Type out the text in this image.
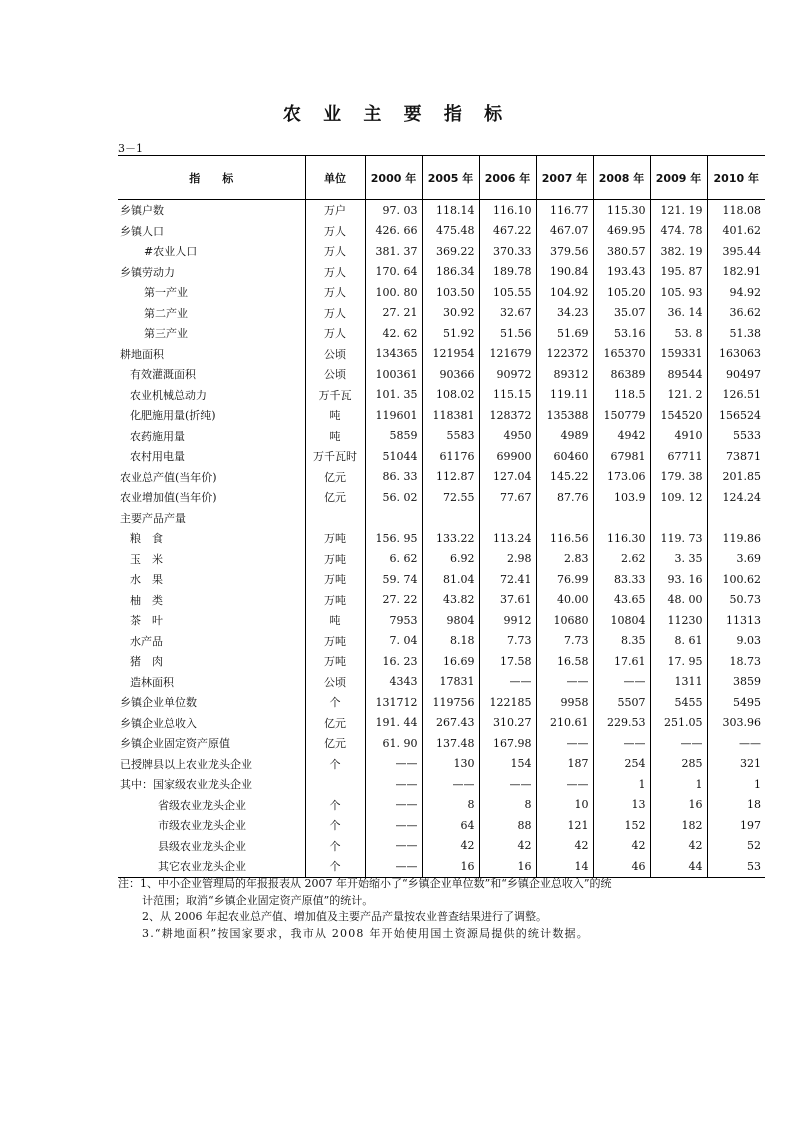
农 业 主 要 指 标
3－1
指　　标	单位	2000 年	2005 年	2006 年	2007 年	2008 年	2009 年	2010 年
乡镇户数	万户	97. 03	118.14	116.10	116.77	115.30	121. 19	118.08
乡镇人口	万人	426. 66	475.48	467.22	467.07	469.95	474. 78	401.62
#农业人口	万人	381. 37	369.22	370.33	379.56	380.57	382. 19	395.44
乡镇劳动力	万人	170. 64	186.34	189.78	190.84	193.43	195. 87	182.91
第一产业	万人	100. 80	103.50	105.55	104.92	105.20	105. 93	94.92
第二产业	万人	27. 21	30.92	32.67	34.23	35.07	36. 14	36.62
第三产业	万人	42. 62	51.92	51.56	51.69	53.16	53. 8	51.38
耕地面积	公顷	134365	121954	121679	122372	165370	159331	163063
有效灌溉面积	公顷	100361	90366	90972	89312	86389	89544	90497
农业机械总动力	万千瓦	101. 35	108.02	115.15	119.11	118.5	121. 2	126.51
化肥施用量(折纯)	吨	119601	118381	128372	135388	150779	154520	156524
农药施用量	吨	5859	5583	4950	4989	4942	4910	5533
农村用电量	万千瓦时	51044	61176	69900	60460	67981	67711	73871
农业总产值(当年价)	亿元	86. 33	112.87	127.04	145.22	173.06	179. 38	201.85
农业增加值(当年价)	亿元	56. 02	72.55	77.67	87.76	103.9	109. 12	124.24
主要产品产量								
粮　食	万吨	156. 95	133.22	113.24	116.56	116.30	119. 73	119.86
玉　米	万吨	6. 62	6.92	2.98	2.83	2.62	3. 35	3.69
水　果	万吨	59. 74	81.04	72.41	76.99	83.33	93. 16	100.62
柚　类	万吨	27. 22	43.82	37.61	40.00	43.65	48. 00	50.73
茶　叶	吨	7953	9804	9912	10680	10804	11230	11313
水产品	万吨	7. 04	8.18	7.73	7.73	8.35	8. 61	9.03
猪　肉	万吨	16. 23	16.69	17.58	16.58	17.61	17. 95	18.73
造林面积	公顷	4343	17831	——	——	——	1311	3859
乡镇企业单位数	个	131712	119756	122185	9958	5507	5455	5495
乡镇企业总收入	亿元	191. 44	267.43	310.27	210.61	229.53	251.05	303.96
乡镇企业固定资产原值	亿元	61. 90	137.48	167.98	——	——	——	——
已授牌县以上农业龙头企业	个	——	130	154	187	254	285	321
其中：国家级农业龙头企业		——	——	——	——	1	1	1
省级农业龙头企业	个	——	8	8	10	13	16	18
市级农业龙头企业	个	——	64	88	121	152	182	197
县级农业龙头企业	个	——	42	42	42	42	42	52
其它农业龙头企业	个	——	16	16	14	46	44	53
注：1、中小企业管理局的年报报表从 2007 年开始缩小了“乡镇企业单位数”和“乡镇企业总收入”的统
计范围；取消“乡镇企业固定资产原值”的统计。
2、从 2006 年起农业总产值、增加值及主要产品产量按农业普查结果进行了调整。
3.“耕地面积”按国家要求，我市从 2008 年开始使用国土资源局提供的统计数据。
